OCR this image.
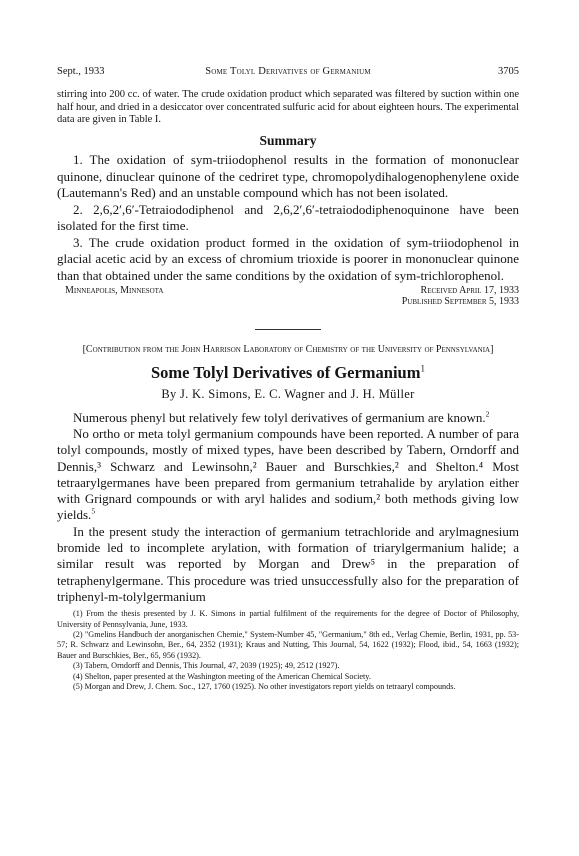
Sept., 1933	Some Tolyl Derivatives of Germanium	3705
stirring into 200 cc. of water. The crude oxidation product which separated was filtered by suction within one half hour, and dried in a desiccator over concentrated sulfuric acid for about eighteen hours. The experimental data are given in Table I.
Summary

1. The oxidation of sym-triiodophenol results in the formation of mononuclear quinone, dinuclear quinone of the cedriret type, chromopolydihalogenophenylene oxide (Lautemann's Red) and an unstable compound which has not been isolated.

2. 2,6,2′,6′-Tetraiododiphenol and 2,6,2′,6′-tetraiododiphenoquinone have been isolated for the first time.

3. The crude oxidation product formed in the oxidation of sym-triiodophenol in glacial acetic acid by an excess of chromium trioxide is poorer in mononuclear quinone than that obtained under the same conditions by the oxidation of sym-trichlorophenol.

Minneapolis, Minnesota	Received April 17, 1933
Published September 5, 1933
[Contribution from the John Harrison Laboratory of Chemistry of the University of Pennsylvania]
Some Tolyl Derivatives of Germanium$^1$
By J. K. Simons, E. C. Wagner and J. H. Müller

Numerous phenyl but relatively few tolyl derivatives of germanium are known.$^2$

No ortho or meta tolyl germanium compounds have been reported. A number of para tolyl compounds, mostly of mixed types, have been described by Tabern, Orndorff and Dennis,³ Schwarz and Lewinsohn,² Bauer and Burschkies,² and Shelton.⁴ Most tetraarylgermanes have been prepared from germanium tetrahalide by arylation either with Grignard compounds or with aryl halides and sodium,² both methods giving low yields.$^5$

In the present study the interaction of germanium tetrachloride and arylmagnesium bromide led to incomplete arylation, with formation of triarylgermanium halide; a similar result was reported by Morgan and Drew⁵ in the preparation of tetraphenylgermane. This procedure was tried unsuccessfully also for the preparation of triphenyl-m-tolylgermanium

(1) From the thesis presented by J. K. Simons in partial fulfilment of the requirements for the degree of Doctor of Philosophy, University of Pennsylvania, June, 1933.

(2) "Gmelins Handbuch der anorganischen Chemie," System-Number 45, "Germanium," 8th ed., Verlag Chemie, Berlin, 1931, pp. 53-57; R. Schwarz and Lewinsohn, Ber., 64, 2352 (1931); Kraus and Nutting, This Journal, 54, 1622 (1932); Flood, ibid., 54, 1663 (1932); Bauer and Burschkies, Ber., 65, 956 (1932).

(3) Tabern, Orndorff and Dennis, This Journal, 47, 2039 (1925); 49, 2512 (1927).

(4) Shelton, paper presented at the Washington meeting of the American Chemical Society.

(5) Morgan and Drew, J. Chem. Soc., 127, 1760 (1925). No other investigators report yields on tetraaryl compounds.
